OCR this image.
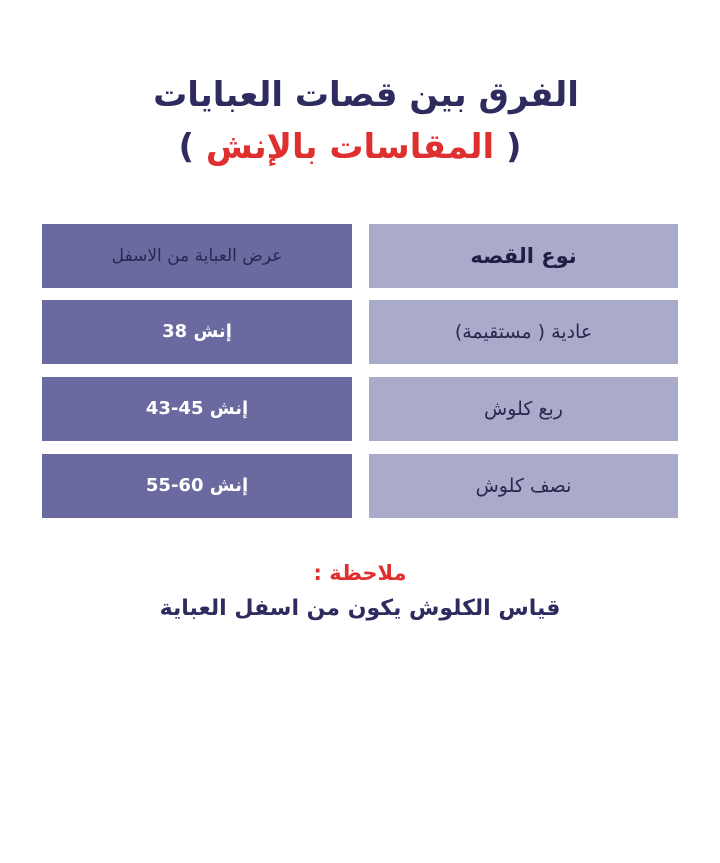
الفرق بين قصات العبايات
( المقاسات بالإنش )
نوع القصه
عرض العباية من الاسفل
عادية ( مستقيمة)
إنش 38
ربع كلوش
إنش 45-43
نصف كلوش
إنش 60-55
ملاحظة :
قياس الكلوش يكون من اسفل العباية
